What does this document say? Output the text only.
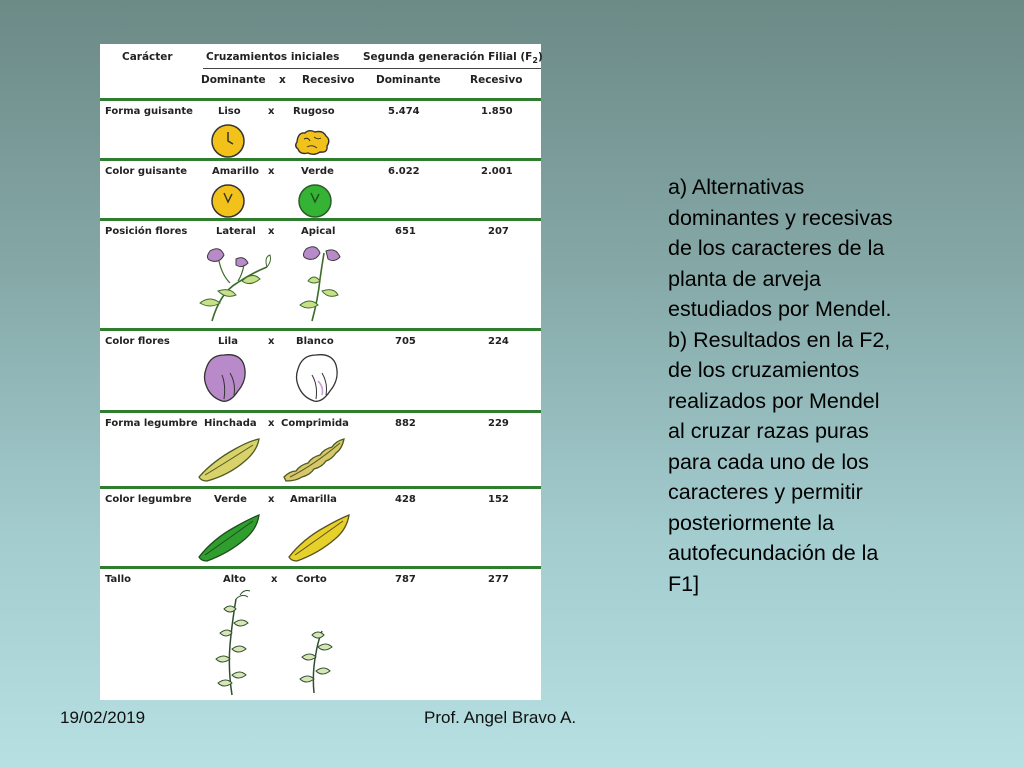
Carácter	Cruzamientos iniciales Segunda generación Filial $(F_2)$
Dominante x Recesivo Dominante	Recesivo
Forma guisante	Liso	x Rugoso	5.474	1.850
Color guisante Amarillo x	Verde	6.022	2.001
Posición flores	Lateral x	Apical	651	207
Color flores	Lila	x Blanco	705	224
Forma legumbre Hinchada x Comprimida	882	229
Color legumbre Verde x Amarilla	428	152
Tallo	Alto	x Corto	787	277
a) Alternativas
dominantes y recesivas
de los caracteres de la
planta de arveja
estudiados por Mendel.
b) Resultados en la F2,
de los cruzamientos
realizados por Mendel
al cruzar razas puras
para cada uno de los
caracteres y permitir
posteriormente la
autofecundación de la
F1]
19/02/2019	Prof. Angel Bravo A.
